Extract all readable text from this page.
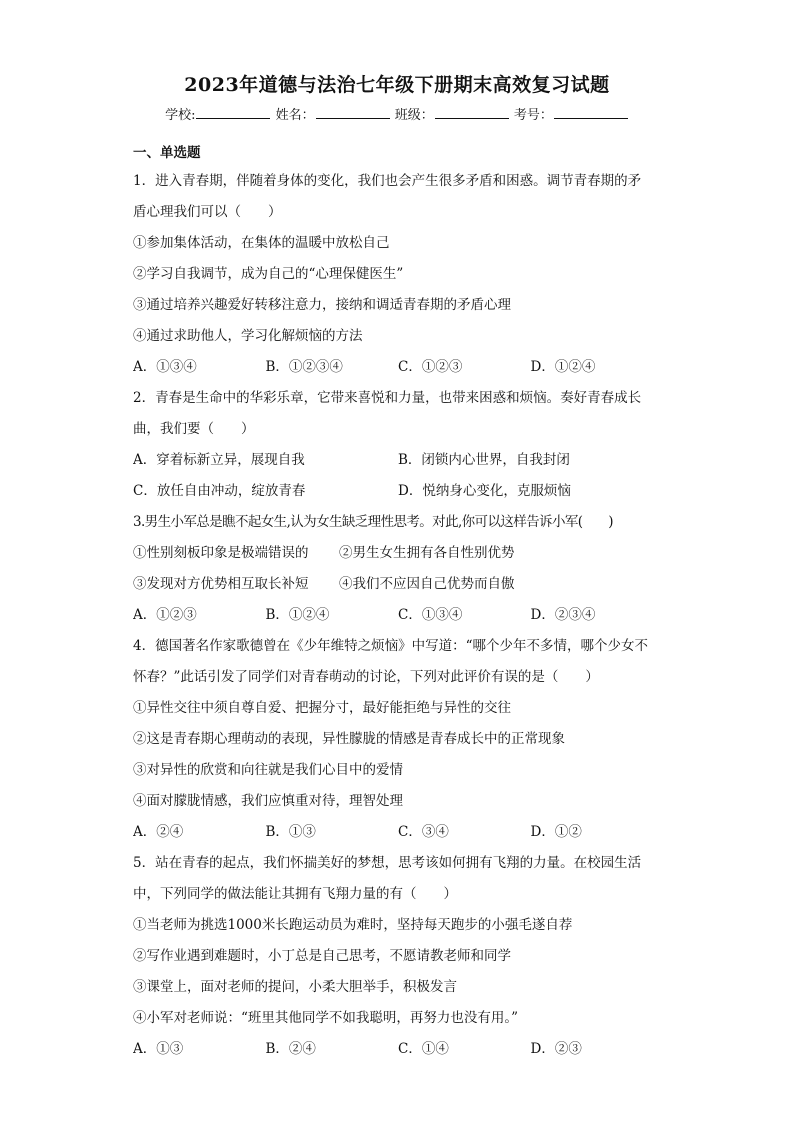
2023年道德与法治七年级下册期末高效复习试题
学校:	姓名：	班级：	考号：
一、单选题
1．进入青春期，伴随着身体的变化，我们也会产生很多矛盾和困惑。调节青春期的矛
盾心理我们可以（　　）
①参加集体活动，在集体的温暖中放松自己
②学习自我调节，成为自己的“心理保健医生”
③通过培养兴趣爱好转移注意力，接纳和调适青春期的矛盾心理
④通过求助他人，学习化解烦恼的方法
A．①③④	B．①②③④	C．①②③	D．①②④
2．青春是生命中的华彩乐章，它带来喜悦和力量，也带来困惑和烦恼。奏好青春成长
曲，我们要（　　）
A．穿着标新立异，展现自我	B．闭锁内心世界，自我封闭
C．放任自由冲动，绽放青春	D．悦纳身心变化，克服烦恼
3.男生小军总是瞧不起女生,认为女生缺乏理性思考。对此,你可以这样告诉小军(　　)
①性别刻板印象是极端错误的	②男生女生拥有各自性别优势
③发现对方优势相互取长补短	④我们不应因自己优势而自傲
A．①②③	B．①②④	C．①③④	D．②③④
4．德国著名作家歌德曾在《少年维特之烦恼》中写道：“哪个少年不多情，哪个少女不
怀春？”此话引发了同学们对青春萌动的讨论，下列对此评价有误的是（　　）
①异性交往中须自尊自爱、把握分寸，最好能拒绝与异性的交往
②这是青春期心理萌动的表现，异性朦胧的情感是青春成长中的正常现象
③对异性的欣赏和向往就是我们心目中的爱情
④面对朦胧情感，我们应慎重对待，理智处理
A．②④	B．①③	C．③④	D．①②
5．站在青春的起点，我们怀揣美好的梦想，思考该如何拥有飞翔的力量。在校园生活
中，下列同学的做法能让其拥有飞翔力量的有（　　）
①当老师为挑选1000米长跑运动员为难时，坚持每天跑步的小强毛遂自荐
②写作业遇到难题时，小丁总是自己思考，不愿请教老师和同学
③课堂上，面对老师的提问，小柔大胆举手，积极发言
④小军对老师说：“班里其他同学不如我聪明，再努力也没有用。”
A．①③	B．②④	C．①④	D．②③
